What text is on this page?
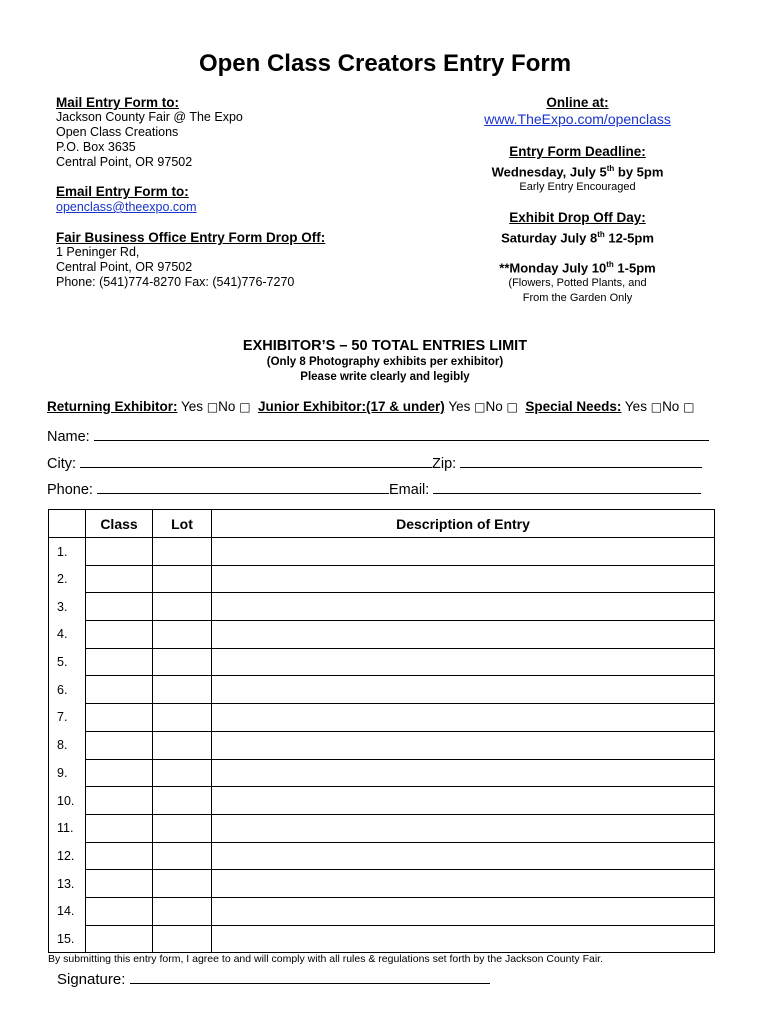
Open Class Creators Entry Form
Mail Entry Form to:
Jackson County Fair @ The Expo
Open Class Creations
P.O. Box 3635
Central Point, OR 97502
Email Entry Form to:
openclass@theexpo.com
Fair Business Office Entry Form Drop Off:
1 Peninger Rd,
Central Point, OR 97502
Phone: (541)774-8270 Fax: (541)776-7270
Online at:
www.TheExpo.com/openclass
Entry Form Deadline:
Wednesday, July 5th by 5pm
Early Entry Encouraged
Exhibit Drop Off Day:
Saturday July 8th 12-5pm
**Monday July 10th 1-5pm
(Flowers, Potted Plants, and
From the Garden Only
EXHIBITOR’S – 50 TOTAL ENTRIES LIMIT
(Only 8 Photography exhibits per exhibitor)
Please write clearly and legibly
Returning Exhibitor: Yes □No □ Junior Exhibitor:(17 & under) Yes □No □ Special Needs: Yes □No □
Name:
City:	Zip:
Phone:	Email:
	Class	Lot	Description of Entry
1.			
2.			
3.			
4.			
5.			
6.			
7.			
8.			
9.			
10.			
11.			
12.			
13.			
14.			
15.			
By submitting this entry form, I agree to and will comply with all rules & regulations set forth by the Jackson County Fair.
Signature:
